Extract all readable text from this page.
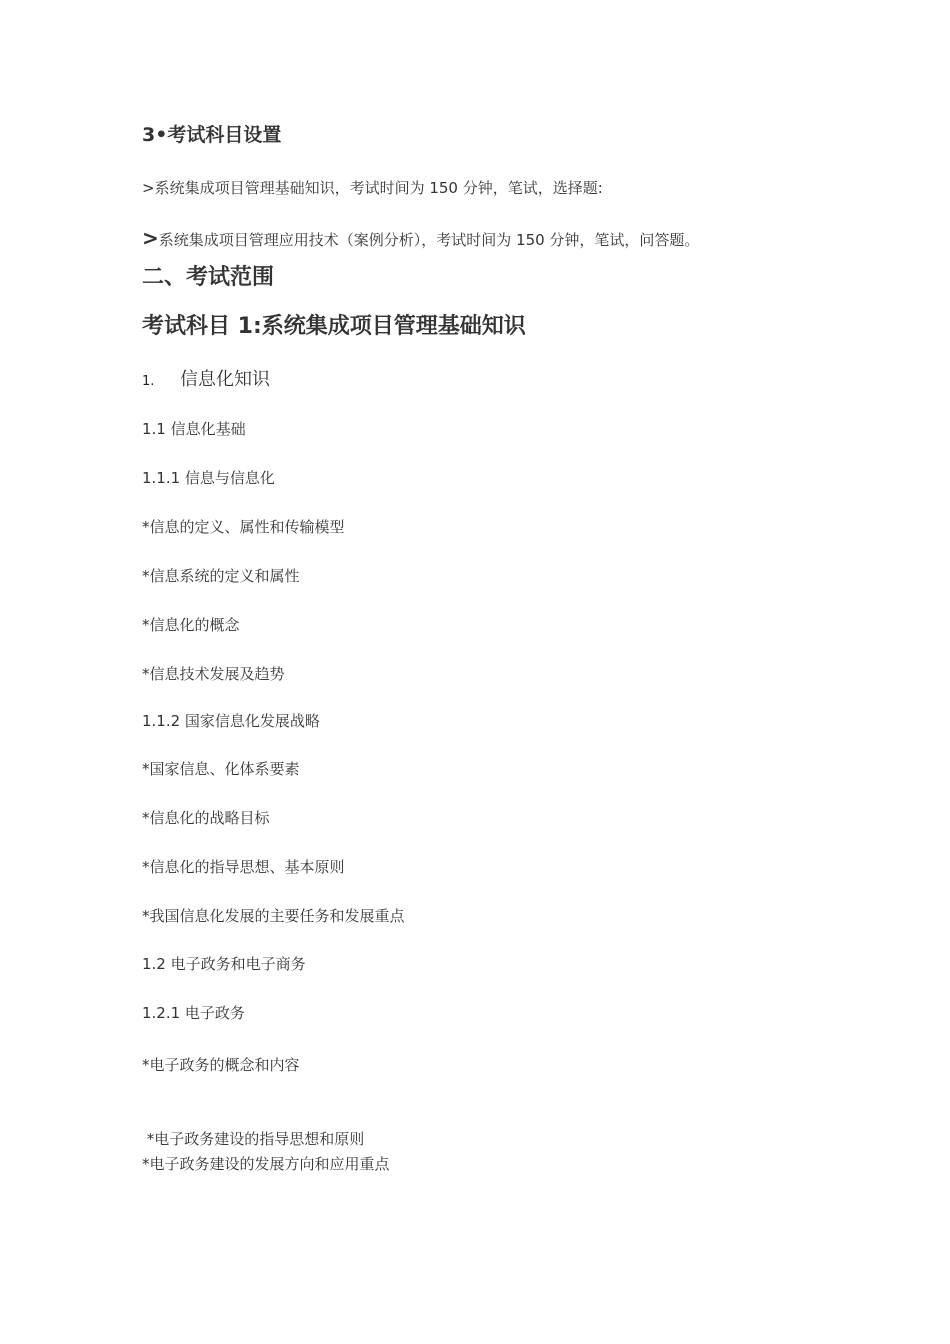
3•考试科目设置
>系统集成项目管理基础知识，考试时间为 150 分钟，笔试，选择题:
>系统集成项目管理应用技术（案例分析），考试时间为 150 分钟，笔试，问答题。
二、考试范围
考试科目 1:系统集成项目管理基础知识
1. 信息化知识
1.1 信息化基础
1.1.1 信息与信息化
*信息的定义、属性和传输模型
*信息系统的定义和属性
*信息化的概念
*信息技术发展及趋势
1.1.2 国家信息化发展战略
*国家信息、化体系要素
*信息化的战略目标
*信息化的指导思想、基本原则
*我国信息化发展的主要任务和发展重点
1.2 电子政务和电子商务
1.2.1 电子政务
*电子政务的概念和内容
*电子政务建设的指导思想和原则
*电子政务建设的发展方向和应用重点
